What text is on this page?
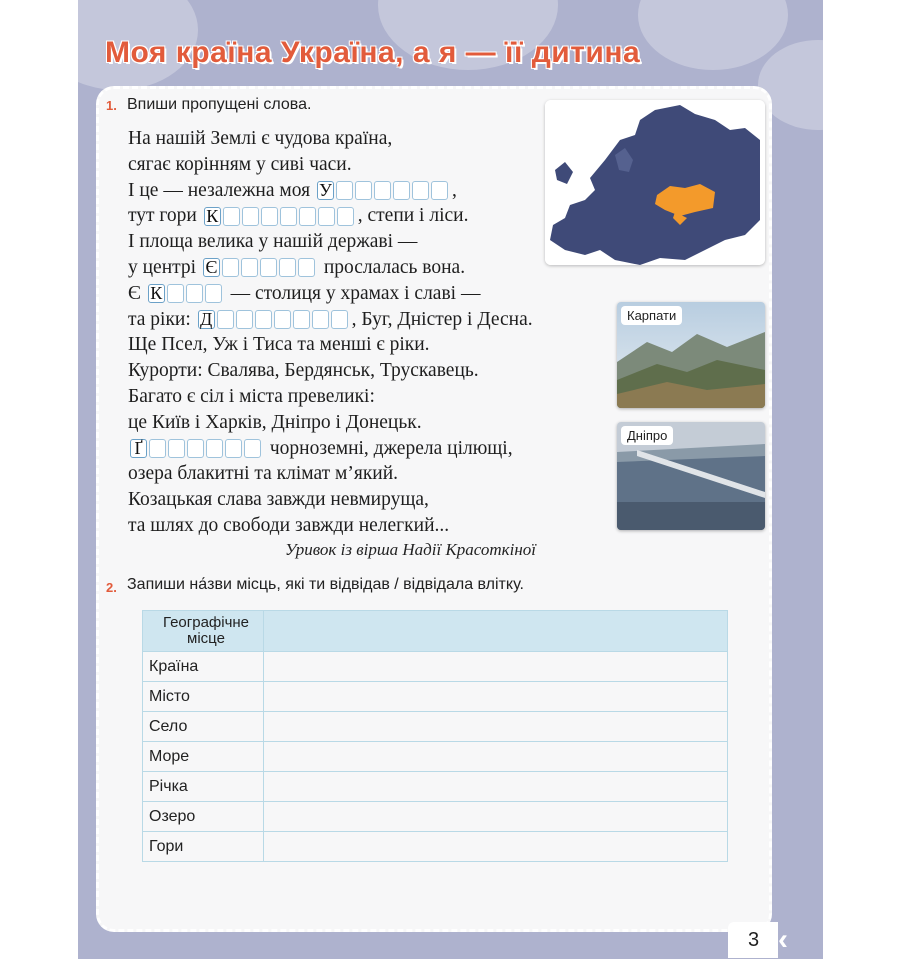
Моя країна Україна, а я — її дитина
1. Впиши пропущені слова.
На нашій Землі є чудова країна,
сягає корінням у сиві часи.
І це — незалежна моя У	,
тут гори К	, степи і ліси.
І площа велика у нашій державі —
у центрі Є	прослалась вона.
Є К	— столиця у храмах і славі —
та ріки: Д	, Буг, Дністер і Десна.
Ще Псел, Уж і Тиса та менші є ріки.
Курорти: Свалява, Бердянськ, Трускавець.
Багато є сіл і міста превеликі:
це Київ і Харків, Дніпро і Донецьк.
Ґ	чорноземні, джерела цілющі,
озера блакитні та клімат м’який.
Козацькая слава завжди невмируща,
та шлях до свободи завжди нелегкий...
Уривок із вірша Надії Красоткіної
Карпати
Дніпро
2. Запиши на́зви місць, які ти відвідав / відвідала влітку.
Географічне
місце	

Країна	
Місто	
Село	
Море	
Річка	
Озеро	
Гори	
3 ‹
